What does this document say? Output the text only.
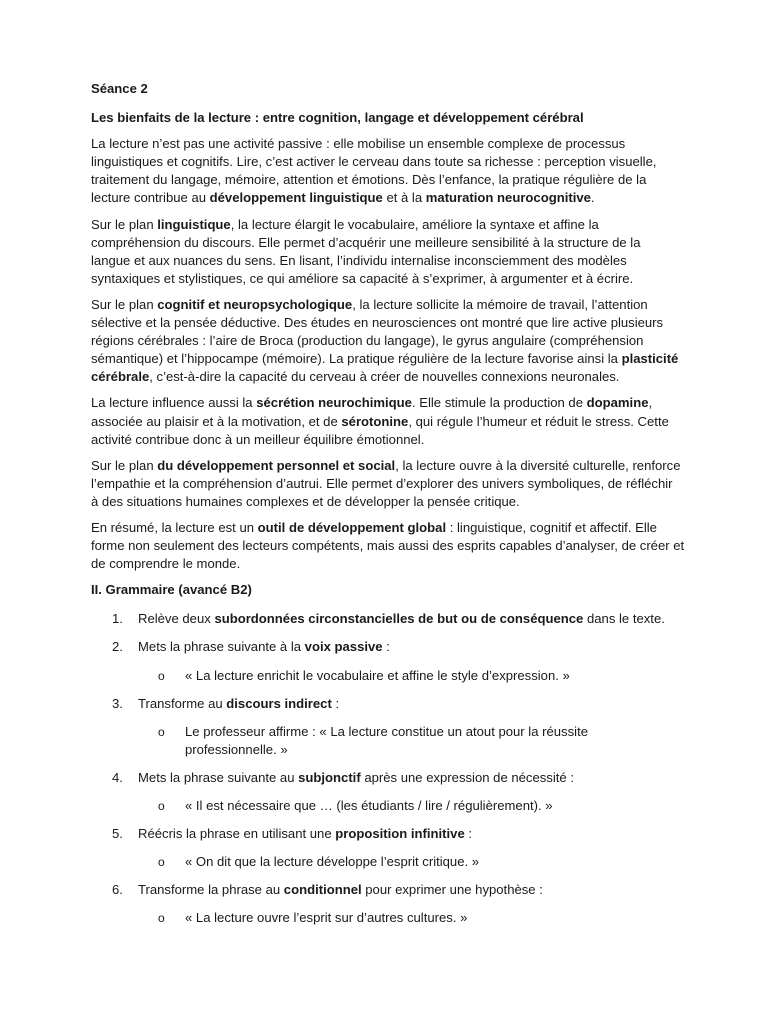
Séance 2

Les bienfaits de la lecture : entre cognition, langage et développement cérébral

La lecture n’est pas une activité passive : elle mobilise un ensemble complexe de processus
linguistiques et cognitifs. Lire, c’est activer le cerveau dans toute sa richesse : perception visuelle,
traitement du langage, mémoire, attention et émotions. Dès l’enfance, la pratique régulière de la
lecture contribue au développement linguistique et à la maturation neurocognitive.

Sur le plan linguistique, la lecture élargit le vocabulaire, améliore la syntaxe et affine la
compréhension du discours. Elle permet d’acquérir une meilleure sensibilité à la structure de la
langue et aux nuances du sens. En lisant, l’individu internalise inconsciemment des modèles
syntaxiques et stylistiques, ce qui améliore sa capacité à s’exprimer, à argumenter et à écrire.

Sur le plan cognitif et neuropsychologique, la lecture sollicite la mémoire de travail, l’attention
sélective et la pensée déductive. Des études en neurosciences ont montré que lire active plusieurs
régions cérébrales : l’aire de Broca (production du langage), le gyrus angulaire (compréhension
sémantique) et l’hippocampe (mémoire). La pratique régulière de la lecture favorise ainsi la plasticité
cérébrale, c’est-à-dire la capacité du cerveau à créer de nouvelles connexions neuronales.

La lecture influence aussi la sécrétion neurochimique. Elle stimule la production de dopamine,
associée au plaisir et à la motivation, et de sérotonine, qui régule l’humeur et réduit le stress. Cette
activité contribue donc à un meilleur équilibre émotionnel.

Sur le plan du développement personnel et social, la lecture ouvre à la diversité culturelle, renforce
l’empathie et la compréhension d’autrui. Elle permet d’explorer des univers symboliques, de réfléchir
à des situations humaines complexes et de développer la pensée critique.

En résumé, la lecture est un outil de développement global : linguistique, cognitif et affectif. Elle
forme non seulement des lecteurs compétents, mais aussi des esprits capables d’analyser, de créer et
de comprendre le monde.

II. Grammaire (avancé B2)

1. Relève deux subordonnées circonstancielles de but ou de conséquence dans le texte.
2. Mets la phrase suivante à la voix passive :
o « La lecture enrichit le vocabulaire et affine le style d’expression. »
3. Transforme au discours indirect :
o Le professeur affirme : « La lecture constitue un atout pour la réussite
professionnelle. »
4. Mets la phrase suivante au subjonctif après une expression de nécessité :
o « Il est nécessaire que … (les étudiants / lire / régulièrement). »
5. Réécris la phrase en utilisant une proposition infinitive :
o « On dit que la lecture développe l’esprit critique. »
6. Transforme la phrase au conditionnel pour exprimer une hypothèse :
o « La lecture ouvre l’esprit sur d’autres cultures. »
